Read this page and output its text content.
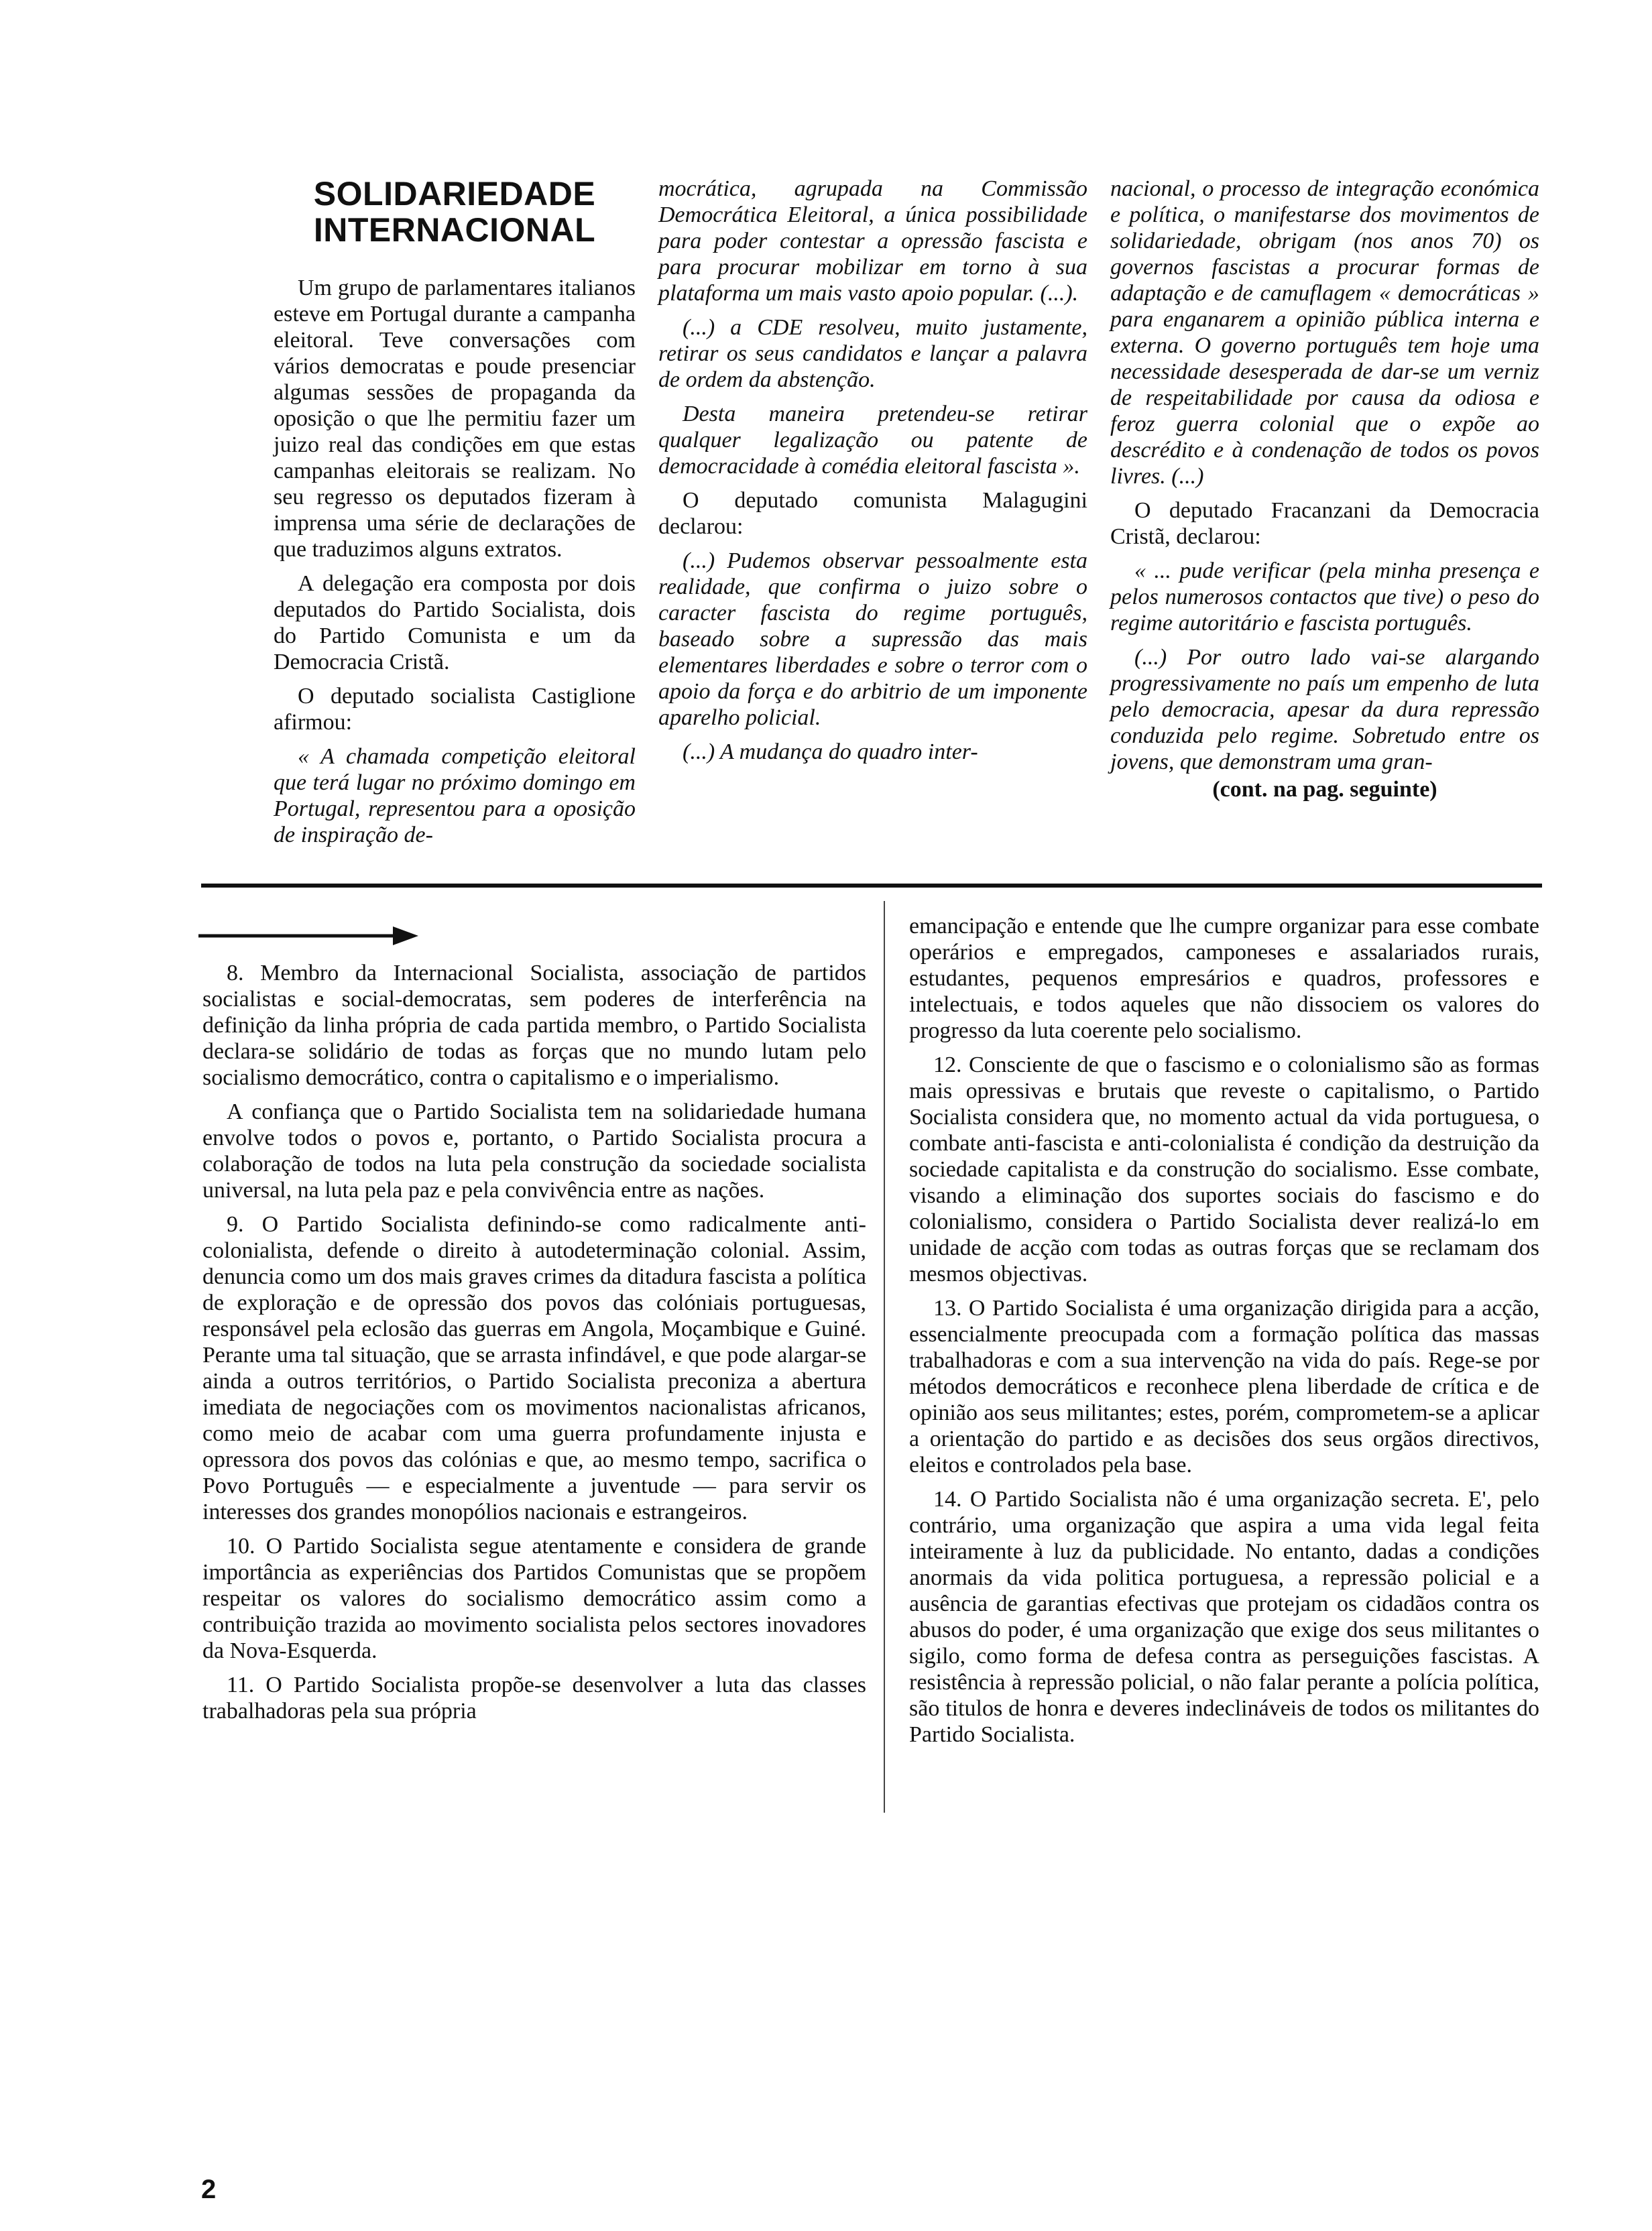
SOLIDARIEDADE INTERNACIONAL

Um grupo de parlamentares italianos esteve em Portugal durante a campanha eleitoral. Teve conversações com vários democratas e poude presenciar algumas sessões de propaganda da oposição o que lhe permitiu fazer um juizo real das condições em que estas campanhas eleitorais se realizam. No seu regresso os deputados fizeram à imprensa uma série de declarações de que traduzimos alguns extratos.

A delegação era composta por dois deputados do Partido Socialista, dois do Partido Comunista e um da Democracia Cristã.

O deputado socialista Castiglione afirmou:

« A chamada competição eleitoral que terá lugar no próximo domingo em Portugal, representou para a oposição de inspiração de-

mocrática, agrupada na Commissão Democrática Eleitoral, a única possibilidade para poder contestar a opressão fascista e para procurar mobilizar em torno à sua plataforma um mais vasto apoio popular. (...).

(...) a CDE resolveu, muito justamente, retirar os seus candidatos e lançar a palavra de ordem da abstenção.

Desta maneira pretendeu-se retirar qualquer legalização ou patente de democracidade à comédia eleitoral fascista ».

O deputado comunista Malagugini declarou:

(...) Pudemos observar pessoalmente esta realidade, que confirma o juizo sobre o caracter fascista do regime português, baseado sobre a supressão das mais elementares liberdades e sobre o terror com o apoio da força e do arbitrio de um imponente aparelho policial.

(...) A mudança do quadro inter-

nacional, o processo de integração económica e política, o manifestarse dos movimentos de solidariedade, obrigam (nos anos 70) os governos fascistas a procurar formas de adaptação e de camuflagem « democráticas » para enganarem a opinião pública interna e externa. O governo português tem hoje uma necessidade desesperada de dar-se um verniz de respeitabilidade por causa da odiosa e feroz guerra colonial que o expõe ao descrédito e à condenação de todos os povos livres. (...)

O deputado Fracanzani da Democracia Cristã, declarou:

« ... pude verificar (pela minha presença e pelos numerosos contactos que tive) o peso do regime autoritário e fascista português.

(...) Por outro lado vai-se alargando progressivamente no país um empenho de luta pelo democracia, apesar da dura repressão conduzida pelo regime. Sobretudo entre os jovens, que demonstram uma gran-

(cont. na pag. seguinte)

8. Membro da Internacional Socialista, associação de partidos socialistas e social-democratas, sem poderes de interferência na definição da linha própria de cada partida membro, o Partido Socialista declara-se solidário de todas as forças que no mundo lutam pelo socialismo democrático, contra o capitalismo e o imperialismo.

A confiança que o Partido Socialista tem na solidariedade humana envolve todos o povos e, portanto, o Partido Socialista procura a colaboração de todos na luta pela construção da sociedade socialista universal, na luta pela paz e pela convivência entre as nações.

9. O Partido Socialista definindo-se como radicalmente anti-colonialista, defende o direito à autodeterminação colonial. Assim, denuncia como um dos mais graves crimes da ditadura fascista a política de exploração e de opressão dos povos das colóniais portuguesas, responsável pela eclosão das guerras em Angola, Moçambique e Guiné. Perante uma tal situação, que se arrasta infindável, e que pode alargar-se ainda a outros territórios, o Partido Socialista preconiza a abertura imediata de negociações com os movimentos nacionalistas africanos, como meio de acabar com uma guerra profundamente injusta e opressora dos povos das colónias e que, ao mesmo tempo, sacrifica o Povo Português — e especialmente a juventude — para servir os interesses dos grandes monopólios nacionais e estrangeiros.

10. O Partido Socialista segue atentamente e considera de grande importância as experiências dos Partidos Comunistas que se propõem respeitar os valores do socialismo democrático assim como a contribuição trazida ao movimento socialista pelos sectores inovadores da Nova-Esquerda.

11. O Partido Socialista propõe-se desenvolver a luta das classes trabalhadoras pela sua própria

emancipação e entende que lhe cumpre organizar para esse combate operários e empregados, camponeses e assalariados rurais, estudantes, pequenos empresários e quadros, professores e intelectuais, e todos aqueles que não dissociem os valores do progresso da luta coerente pelo socialismo.

12. Consciente de que o fascismo e o colonialismo são as formas mais opressivas e brutais que reveste o capitalismo, o Partido Socialista considera que, no momento actual da vida portuguesa, o combate anti-fascista e anti-colonialista é condição da destruição da sociedade capitalista e da construção do socialismo. Esse combate, visando a eliminação dos suportes sociais do fascismo e do colonialismo, considera o Partido Socialista dever realizá-lo em unidade de acção com todas as outras forças que se reclamam dos mesmos objectivas.

13. O Partido Socialista é uma organização dirigida para a acção, essencialmente preocupada com a formação política das massas trabalhadoras e com a sua intervenção na vida do país. Rege-se por métodos democráticos e reconhece plena liberdade de crítica e de opinião aos seus militantes; estes, porém, comprometem-se a aplicar a orientação do partido e as decisões dos seus orgãos directivos, eleitos e controlados pela base.

14. O Partido Socialista não é uma organização secreta. E', pelo contrário, uma organização que aspira a uma vida legal feita inteiramente à luz da publicidade. No entanto, dadas a condições anormais da vida politica portuguesa, a repressão policial e a ausência de garantias efectivas que protejam os cidadãos contra os abusos do poder, é uma organização que exige dos seus militantes o sigilo, como forma de defesa contra as perseguições fascistas. A resistência à repressão policial, o não falar perante a polícia política, são titulos de honra e deveres indeclináveis de todos os militantes do Partido Socialista.

2
